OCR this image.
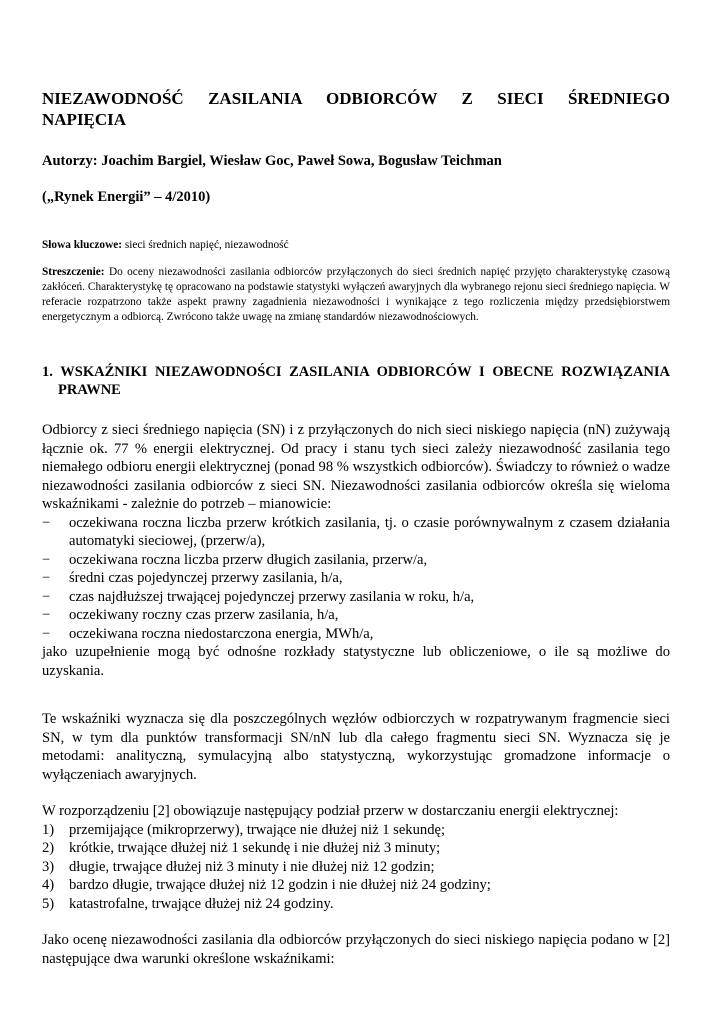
NIEZAWODNOŚĆ ZASILANIA ODBIORCÓW Z SIECI ŚREDNIEGO

NAPIĘCIA

Autorzy: Joachim Bargiel, Wiesław Goc, Paweł Sowa, Bogusław Teichman

(„Rynek Energii” – 4/2010)

Słowa kluczowe: sieci średnich napięć, niezawodność

Streszczenie: Do oceny niezawodności zasilania odbiorców przyłączonych do sieci średnich napięć przyjęto charakterystykę czasową zakłóceń. Charakterystykę tę opracowano na podstawie statystyki wyłączeń awaryjnych dla wybranego rejonu sieci średniego napięcia. W referacie rozpatrzono także aspekt prawny zagadnienia niezawodności i wynikające z tego rozliczenia między przedsiębiorstwem energetycznym a odbiorcą. Zwrócono także uwagę na zmianę standardów niezawodnościowych.

1. WSKAŹNIKI NIEZAWODNOŚCI ZASILANIA ODBIORCÓW I OBECNE ROZWIĄZANIA PRAWNE

Odbiorcy z sieci średniego napięcia (SN) i z przyłączonych do nich sieci niskiego napięcia (nN) zużywają łącznie ok. 77 % energii elektrycznej. Od pracy i stanu tych sieci zależy niezawodność zasilania tego niemałego odbioru energii elektrycznej (ponad 98 % wszystkich odbiorców). Świadczy to również o wadze niezawodności zasilania odbiorców z sieci SN. Niezawodności zasilania odbiorców określa się wieloma wskaźnikami - zależnie do potrzeb – mianowicie:

− oczekiwana roczna liczba przerw krótkich zasilania, tj. o czasie porównywalnym z czasem działania automatyki sieciowej, (przerw/a),
− oczekiwana roczna liczba przerw długich zasilania, przerw/a,
− średni czas pojedynczej przerwy zasilania, h/a,
− czas najdłuższej trwającej pojedynczej przerwy zasilania w roku, h/a,
− oczekiwany roczny czas przerw zasilania, h/a,
− oczekiwana roczna niedostarczona energia, MWh/a,

jako uzupełnienie mogą być odnośne rozkłady statystyczne lub obliczeniowe, o ile są możliwe do uzyskania.

Te wskaźniki wyznacza się dla poszczególnych węzłów odbiorczych w rozpatrywanym fragmencie sieci SN, w tym dla punktów transformacji SN/nN lub dla całego fragmentu sieci SN. Wyznacza się je metodami: analityczną, symulacyjną albo statystyczną, wykorzystując gromadzone informacje o wyłączeniach awaryjnych.

W rozporządzeniu [2] obowiązuje następujący podział przerw w dostarczaniu energii elektrycznej:

1) przemijające (mikroprzerwy), trwające nie dłużej niż 1 sekundę;
2) krótkie, trwające dłużej niż 1 sekundę i nie dłużej niż 3 minuty;
3) długie, trwające dłużej niż 3 minuty i nie dłużej niż 12 godzin;
4) bardzo długie, trwające dłużej niż 12 godzin i nie dłużej niż 24 godziny;
5) katastrofalne, trwające dłużej niż 24 godziny.

Jako ocenę niezawodności zasilania dla odbiorców przyłączonych do sieci niskiego napięcia podano w [2] następujące dwa warunki określone wskaźnikami:
